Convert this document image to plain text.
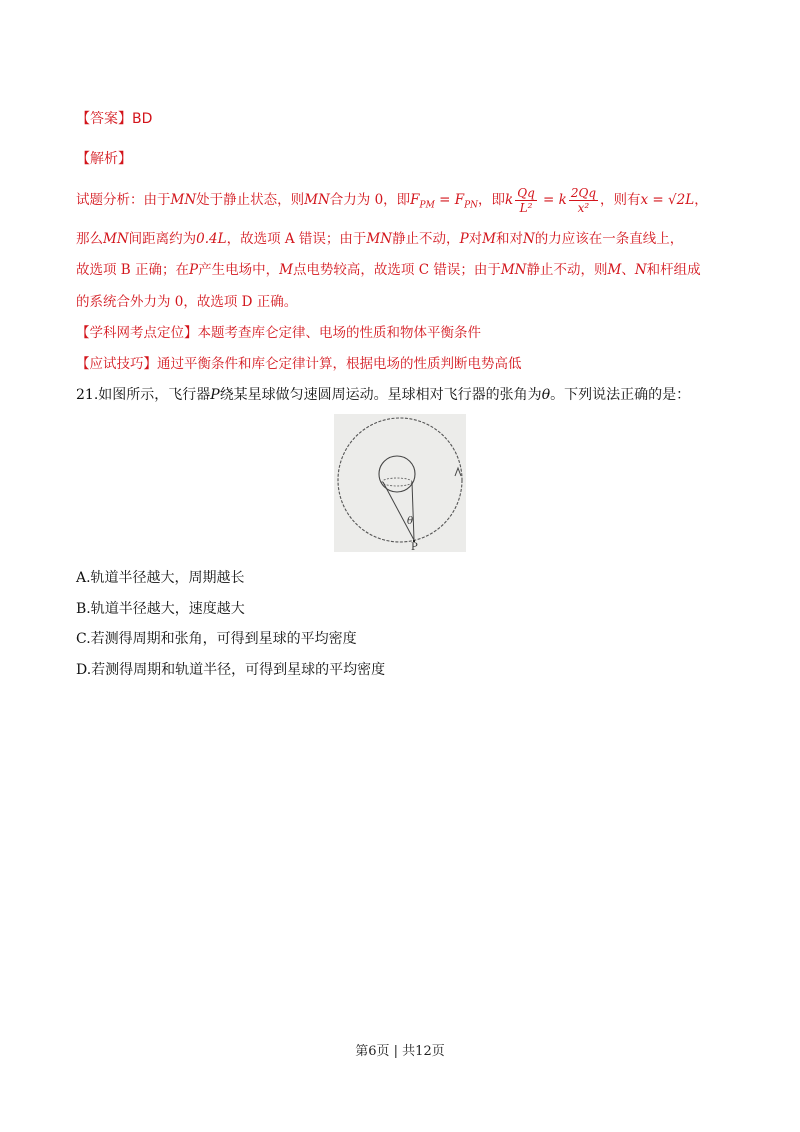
【答案】BD
【解析】
试题分析：由于MN处于静止状态，则MN合力为 0，即$F_{PM} = F_{PN}$，即k $\frac{Qq}{\text{L²}} = k \frac{2Qq}{\text{x²}}$ ，则有x = √2L，
那么MN间距离约为0.4L，故选项 A 错误；由于MN静止不动，P对M和对N的力应该在一条直线上，
故选项 B 正确；在P产生电场中，M点电势较高，故选项 C 错误；由于MN静止不动，则M、N和杆组成
的系统合外力为 0，故选项 D 正确。
【学科网考点定位】本题考查库仑定律、电场的性质和物体平衡条件
【应试技巧】通过平衡条件和库仑定律计算，根据电场的性质判断电势高低
21.如图所示，飞行器P绕某星球做匀速圆周运动。星球相对飞行器的张角为θ。下列说法正确的是：
θ
P
A.轨道半径越大，周期越长
B.轨道半径越大，速度越大
C.若测得周期和张角，可得到星球的平均密度
D.若测得周期和轨道半径，可得到星球的平均密度
第6页 | 共12页
